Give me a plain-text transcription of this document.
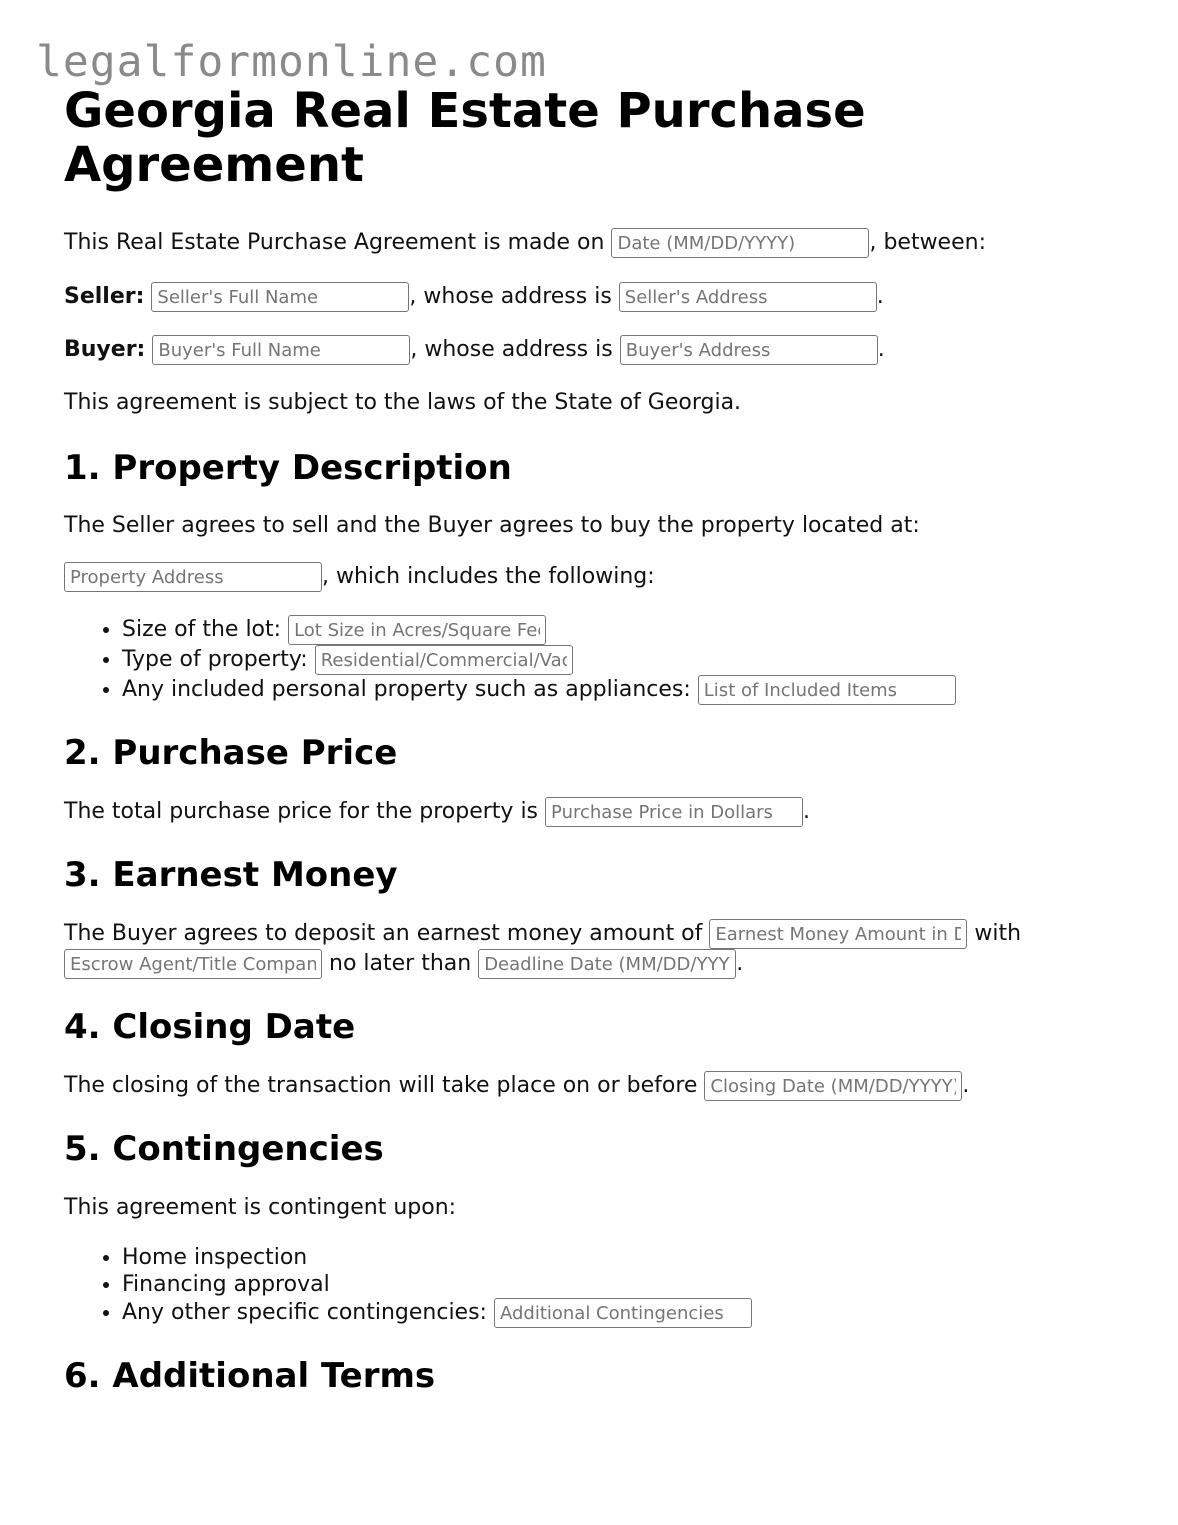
legalformonline.com
Georgia Real Estate Purchase
Agreement

This Real Estate Purchase Agreement is made on Date (MM/DD/YYYY)	, between:

Seller: Seller's Full Name	, whose address is Seller's Address	.

Buyer: Buyer's Full Name	, whose address is Buyer's Address	.

This agreement is subject to the laws of the State of Georgia.

1. Property Description

The Seller agrees to sell and the Buyer agrees to buy the property located at:

Property Address, which includes the following:

• Size of the lot: Lot Size in Acres/Square Feet
• Type of property: Residential/Commercial/Vacant Land
• Any included personal property such as appliances: List of Included Items
2. Purchase Price

The total purchase price for the property is Purchase Price in Dollars	.

3. Earnest Money

The Buyer agrees to deposit an earnest money amount of Earnest Money Amount in Dollars	with
Escrow Agent/Title Company no later than Deadline Date (MM/DD/YYYY)	.

4. Closing Date

The closing of the transaction will take place on or before Closing Date (MM/DD/YYYY)	.

5. Contingencies

This agreement is contingent upon:

• Home inspection
• Financing approval
• Any other specific contingencies: Additional Contingencies
6. Additional Terms
